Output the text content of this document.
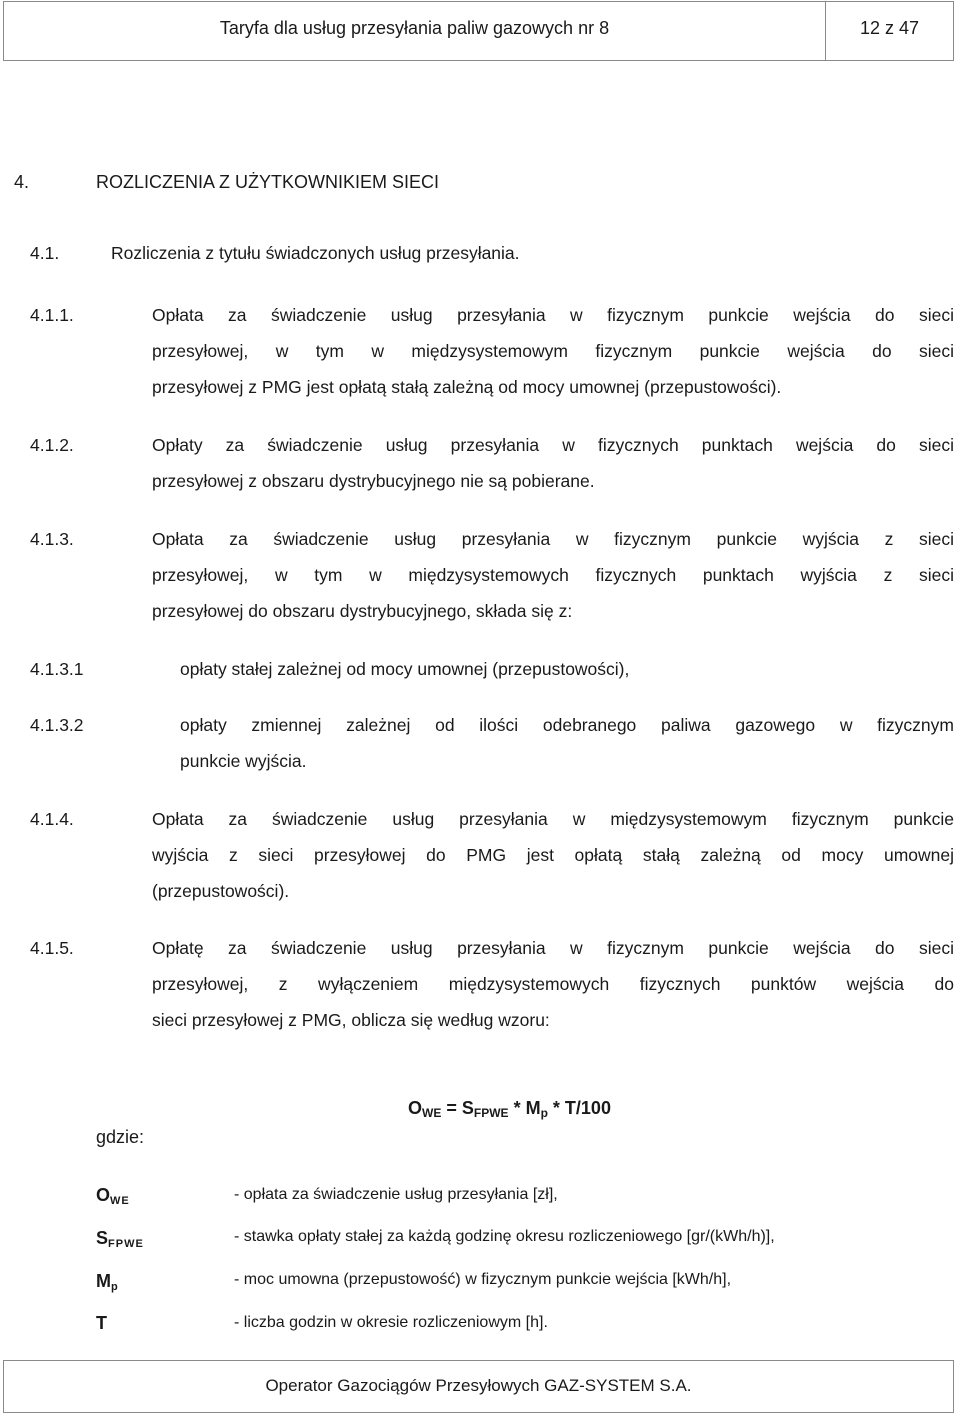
Taryfa dla usług przesyłania paliw gazowych nr 8	12 z 47
4.	ROZLICZENIA Z UŻYTKOWNIKIEM SIECI
4.1.	Rozliczenia z tytułu świadczonych usług przesyłania.
4.1.1.	Opłata za świadczenie usług przesyłania w fizycznym punkcie wejścia do sieci
przesyłowej, w tym w międzysystemowym fizycznym punkcie wejścia do sieci
przesyłowej z PMG jest opłatą stałą zależną od mocy umownej (przepustowości).
4.1.2.	Opłaty za świadczenie usług przesyłania w fizycznych punktach wejścia do sieci
przesyłowej z obszaru dystrybucyjnego nie są pobierane.
4.1.3.	Opłata za świadczenie usług przesyłania w fizycznym punkcie wyjścia z sieci
przesyłowej, w tym w międzysystemowych fizycznych punktach wyjścia z sieci
przesyłowej do obszaru dystrybucyjnego, składa się z:
4.1.3.1	opłaty stałej zależnej od mocy umownej (przepustowości),
4.1.3.2	opłaty zmiennej zależnej od ilości odebranego paliwa gazowego w fizycznym
punkcie wyjścia.
4.1.4.	Opłata za świadczenie usług przesyłania w międzysystemowym fizycznym punkcie
wyjścia z sieci przesyłowej do PMG jest opłatą stałą zależną od mocy umownej
(przepustowości).
4.1.5.	Opłatę za świadczenie usług przesyłania w fizycznym punkcie wejścia do sieci
przesyłowej, z wyłączeniem międzysystemowych fizycznych punktów wejścia do
sieci przesyłowej z PMG, oblicza się według wzoru:
$O_{WE} = S_{FPWE} * M_p * T/100$
gdzie:
$O_{WE}$	- opłata za świadczenie usług przesyłania [zł],
$S_{FPWE}$	- stawka opłaty stałej za każdą godzinę okresu rozliczeniowego [gr/(kWh/h)],
$M_p$	- moc umowna (przepustowość) w fizycznym punkcie wejścia [kWh/h],
T	- liczba godzin w okresie rozliczeniowym [h].
Operator Gazociągów Przesyłowych GAZ-SYSTEM S.A.
